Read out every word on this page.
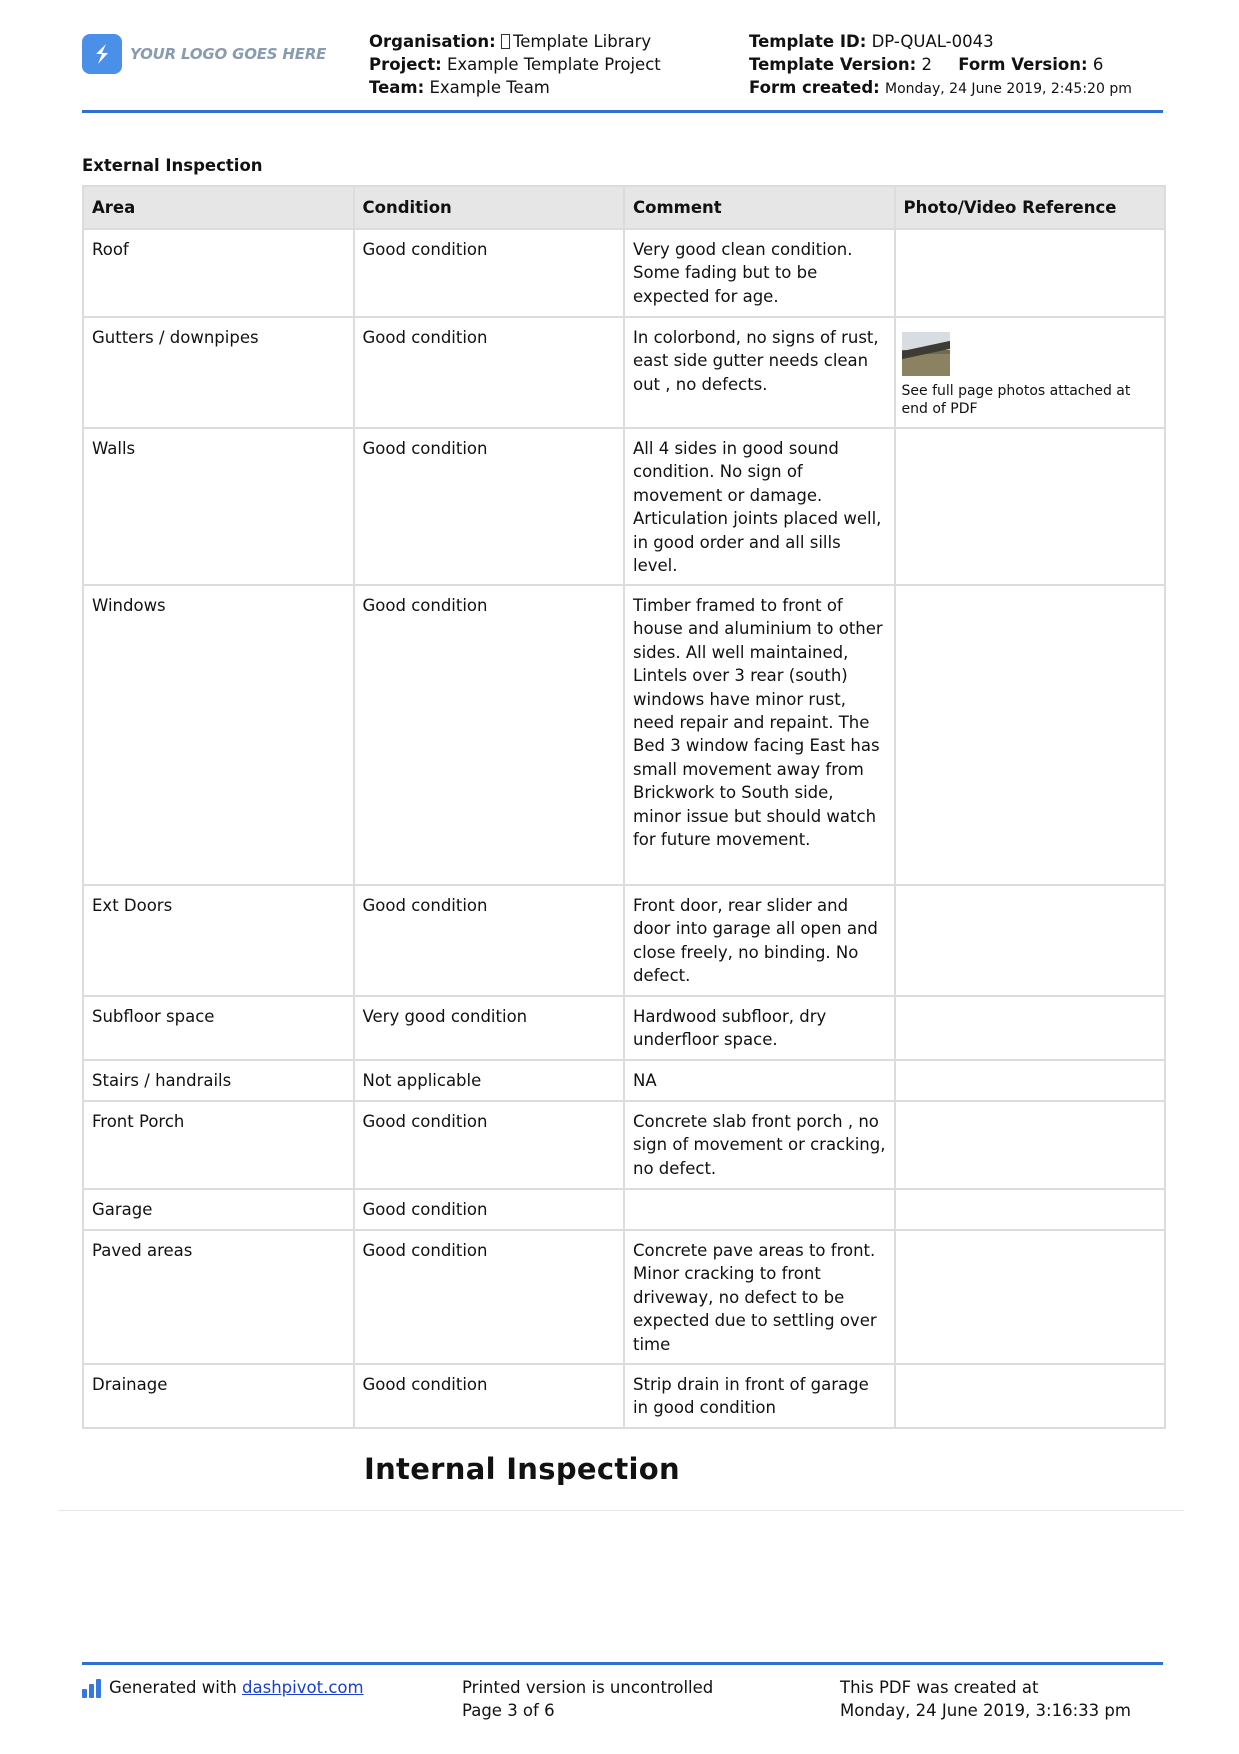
YOUR LOGO GOES HERE
Organisation: Template Library
Project: Example Template Project
Team: Example Team
Template ID: DP-QUAL-0043
Template Version: 2 Form Version: 6
Form created: Monday, 24 June 2019, 2:45:20 pm
External Inspection
Area	Condition	Comment	Photo/Video Reference
Roof	Good condition	Very good clean condition. Some fading but to be expected for age.	
Gutters / downpipes	Good condition	In colorbond, no signs of rust, east side gutter needs clean out , no defects.	See full page photos attached at end of PDF

Walls	Good condition	All 4 sides in good sound condition. No sign of movement or damage. Articulation joints placed well, in good order and all sills level.	
Windows	Good condition	Timber framed to front of house and aluminium to other sides. All well maintained, Lintels over 3 rear (south) windows have minor rust, need repair and repaint. The Bed 3 window facing East has small movement away from Brickwork to South side, minor issue but should watch for future movement.	
Ext Doors	Good condition	Front door, rear slider and door into garage all open and close freely, no binding. No defect.	
Subfloor space	Very good condition	Hardwood subfloor, dry underfloor space.	
Stairs / handrails	Not applicable	NA	
Front Porch	Good condition	Concrete slab front porch , no sign of movement or cracking, no defect.	
Garage	Good condition		
Paved areas	Good condition	Concrete pave areas to front. Minor cracking to front driveway, no defect to be expected due to settling over time	
Drainage	Good condition	Strip drain in front of garage in good condition	
Internal Inspection
Generated with
dashpivot.com	Printed version is uncontrolled
Page 3 of 6
This PDF was created at
Monday, 24 June 2019, 3:16:33 pm
